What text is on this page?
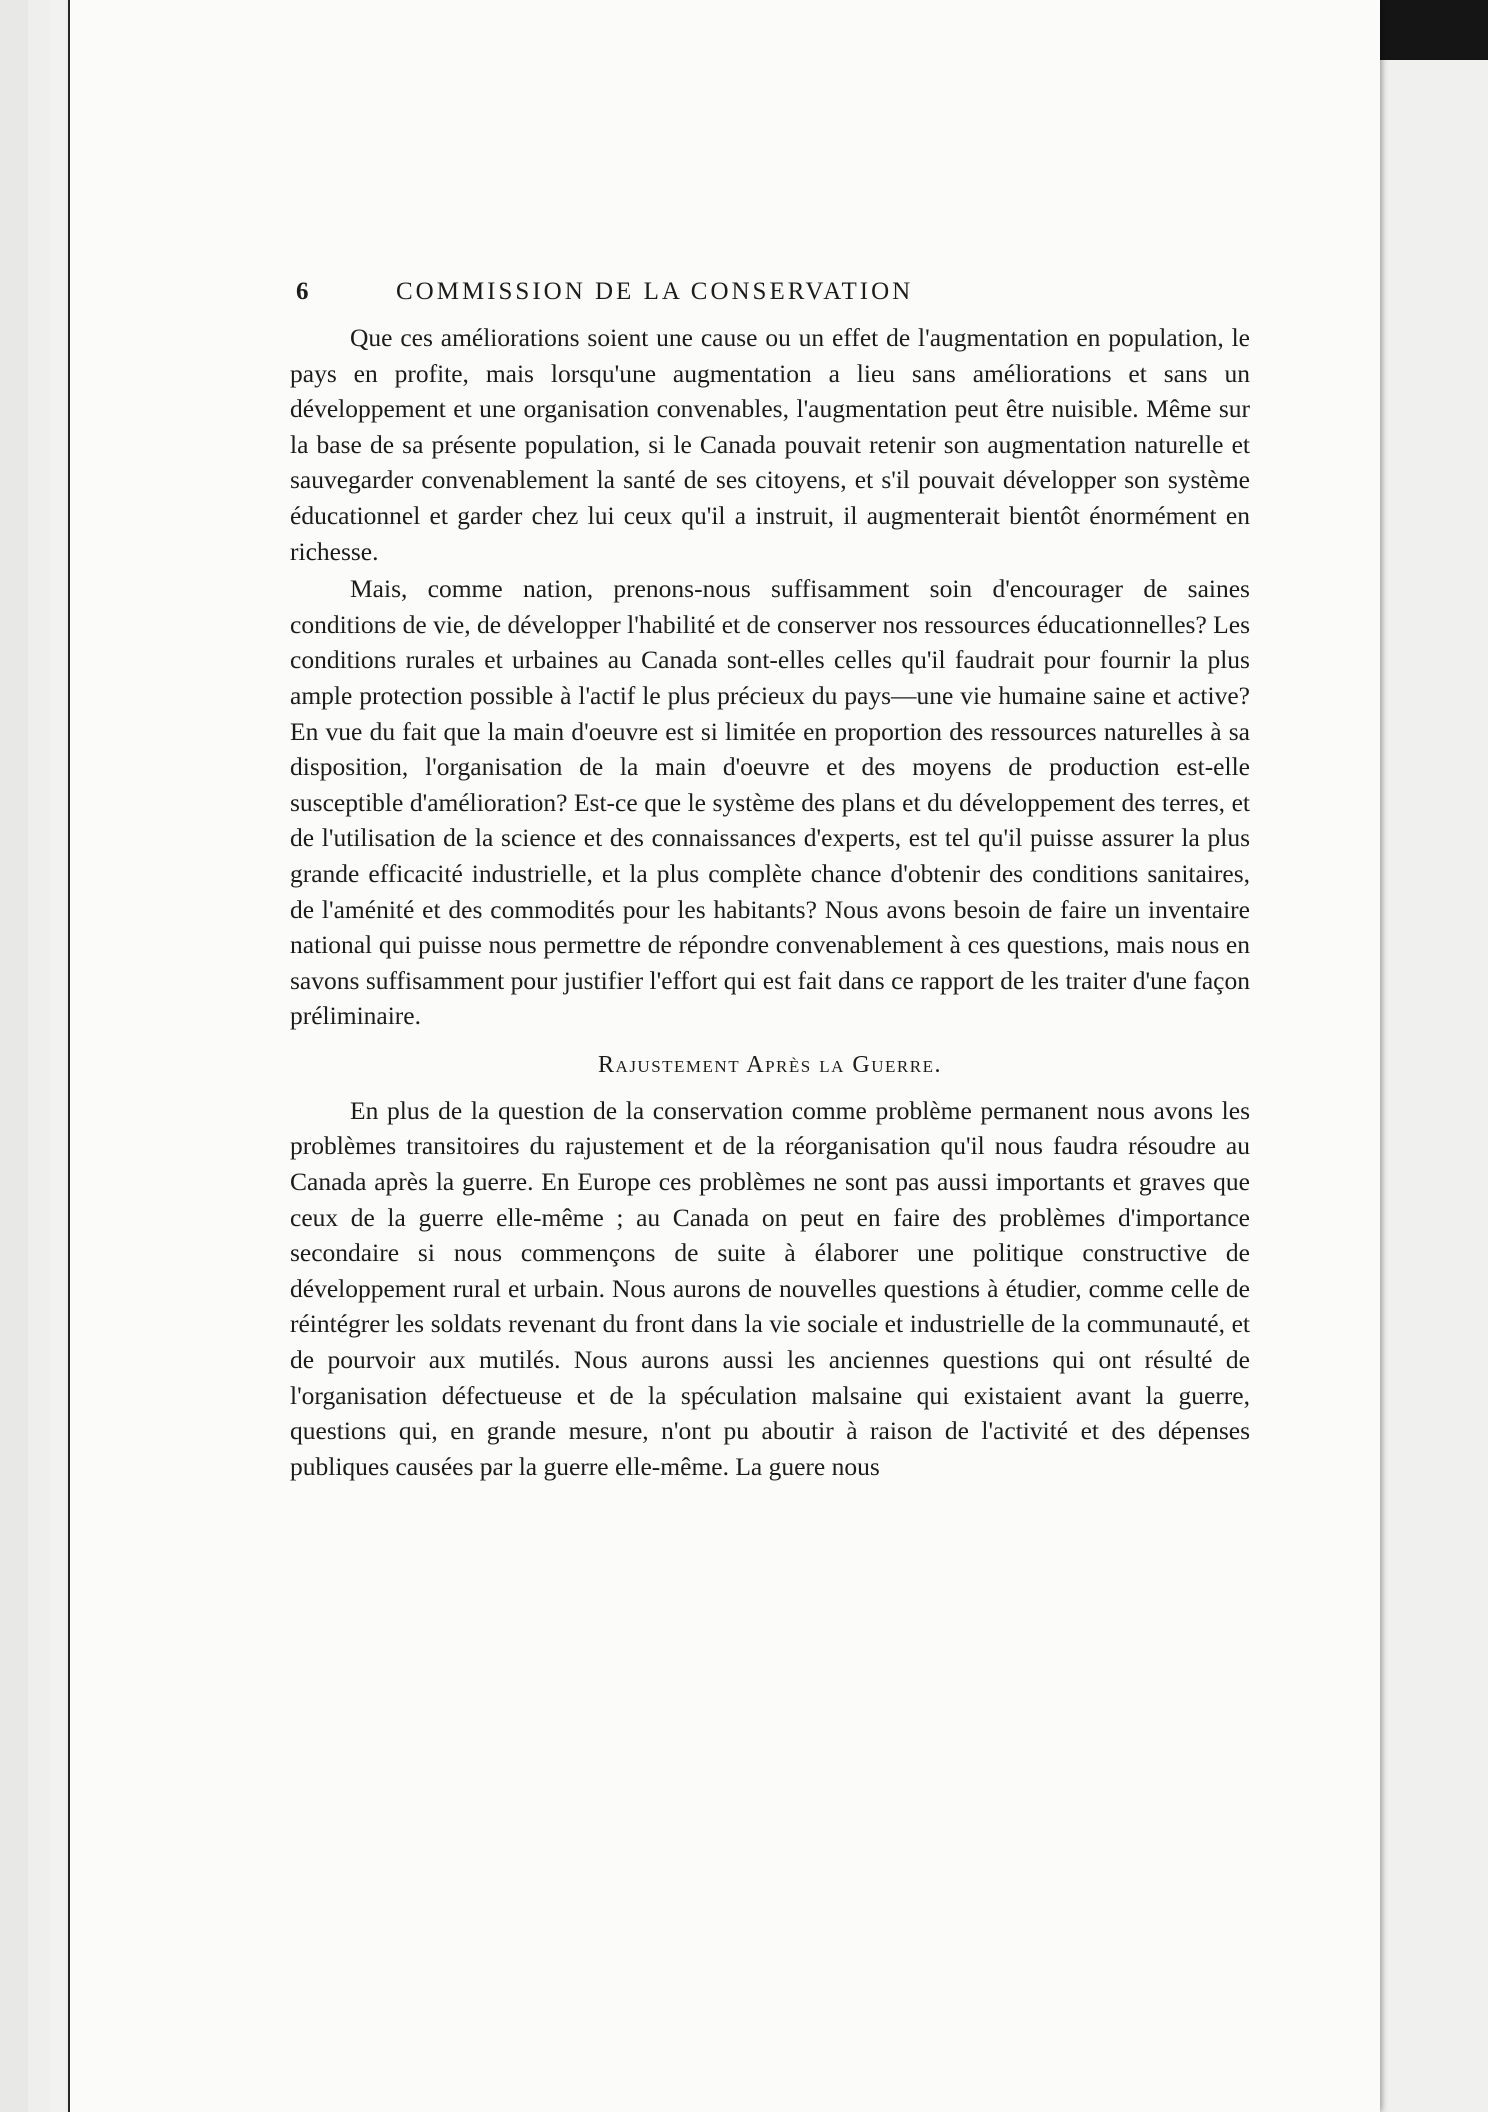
6	COMMISSION DE LA CONSERVATION

Que ces améliorations soient une cause ou un effet de l'augmentation en population, le pays en profite, mais lorsqu'une augmentation a lieu sans améliorations et sans un développement et une organisation convenables, l'augmentation peut être nuisible. Même sur la base de sa présente population, si le Canada pouvait retenir son augmentation naturelle et sauvegarder convenablement la santé de ses citoyens, et s'il pouvait développer son système éducationnel et garder chez lui ceux qu'il a instruit, il augmenterait bientôt énormément en richesse.

Mais, comme nation, prenons-nous suffisamment soin d'encourager de saines conditions de vie, de développer l'habilité et de conserver nos ressources éducationnelles? Les conditions rurales et urbaines au Canada sont-elles celles qu'il faudrait pour fournir la plus ample protection possible à l'actif le plus précieux du pays—une vie humaine saine et active? En vue du fait que la main d'oeuvre est si limitée en proportion des ressources naturelles à sa disposition, l'organisation de la main d'oeuvre et des moyens de production est-elle susceptible d'amélioration? Est-ce que le système des plans et du développement des terres, et de l'utilisation de la science et des connaissances d'experts, est tel qu'il puisse assurer la plus grande efficacité industrielle, et la plus complète chance d'obtenir des conditions sanitaires, de l'aménité et des commodités pour les habitants? Nous avons besoin de faire un inventaire national qui puisse nous permettre de répondre convenablement à ces questions, mais nous en savons suffisamment pour justifier l'effort qui est fait dans ce rapport de les traiter d'une façon préliminaire.

Rajustement Après la Guerre.

En plus de la question de la conservation comme problème permanent nous avons les problèmes transitoires du rajustement et de la réorganisation qu'il nous faudra résoudre au Canada après la guerre. En Europe ces problèmes ne sont pas aussi importants et graves que ceux de la guerre elle-même ; au Canada on peut en faire des problèmes d'importance secondaire si nous commençons de suite à élaborer une politique constructive de développement rural et urbain. Nous aurons de nouvelles questions à étudier, comme celle de réintégrer les soldats revenant du front dans la vie sociale et industrielle de la communauté, et de pourvoir aux mutilés. Nous aurons aussi les anciennes questions qui ont résulté de l'organisation défectueuse et de la spéculation malsaine qui existaient avant la guerre, questions qui, en grande mesure, n'ont pu aboutir à raison de l'activité et des dépenses publiques causées par la guerre elle-même. La guere nous
